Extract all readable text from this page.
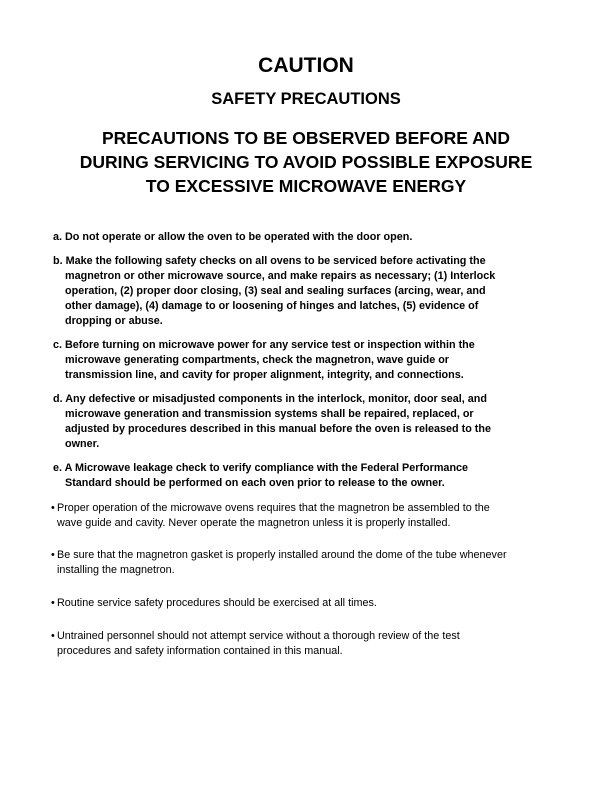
CAUTION
SAFETY PRECAUTIONS
PRECAUTIONS TO BE OBSERVED BEFORE AND
DURING SERVICING TO AVOID POSSIBLE EXPOSURE
TO EXCESSIVE MICROWAVE ENERGY
a. Do not operate or allow the oven to be operated with the door open.
b. Make the following safety checks on all ovens to be serviced before activating the
magnetron or other microwave source, and make repairs as necessary; (1) Interlock
operation, (2) proper door closing, (3) seal and sealing surfaces (arcing, wear, and
other damage), (4) damage to or loosening of hinges and latches, (5) evidence of
dropping or abuse.
c. Before turning on microwave power for any service test or inspection within the
microwave generating compartments, check the magnetron, wave guide or
transmission line, and cavity for proper alignment, integrity, and connections.
d. Any defective or misadjusted components in the interlock, monitor, door seal, and
microwave generation and transmission systems shall be repaired, replaced, or
adjusted by procedures described in this manual before the oven is released to the
owner.
e. A Microwave leakage check to verify compliance with the Federal Performance
Standard should be performed on each oven prior to release to the owner.
• Proper operation of the microwave ovens requires that the magnetron be assembled to the
wave guide and cavity. Never operate the magnetron unless it is properly installed.
• Be sure that the magnetron gasket is properly installed around the dome of the tube whenever
installing the magnetron.
• Routine service safety procedures should be exercised at all times.
• Untrained personnel should not attempt service without a thorough review of the test
procedures and safety information contained in this manual.
